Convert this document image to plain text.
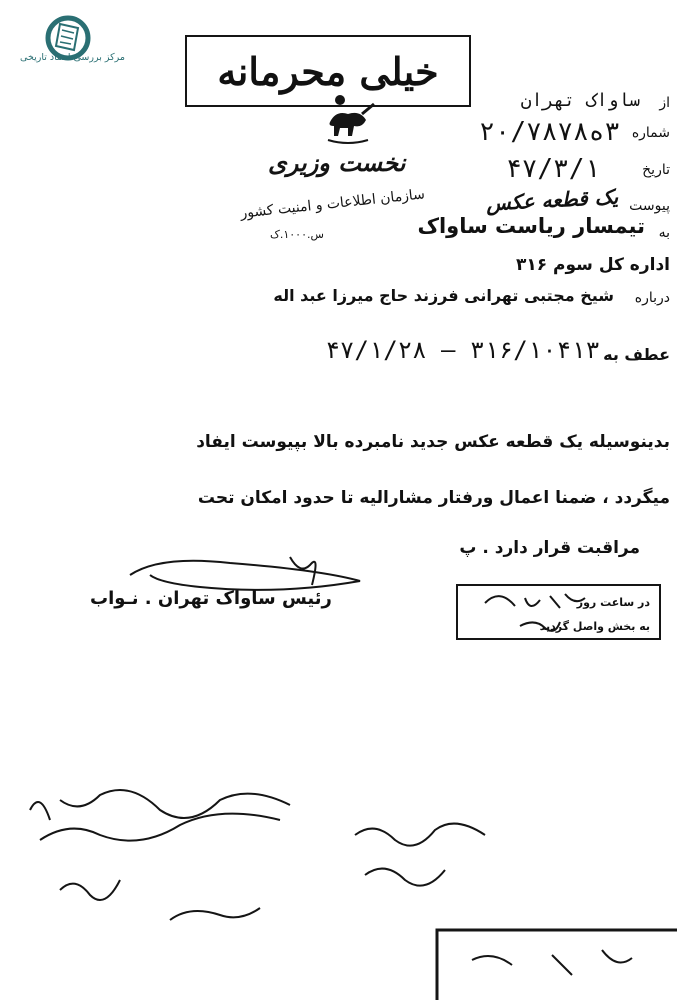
مرکز بررسی اسناد تاریخی	خیلی محرمانه
نخست وزیری
سازمان اطلاعات و امنیت کشور
س.۱۰۰۰.ک
از
ساواک تهران
شماره
۳ه۲۰/۷۸۷۸
تاریخ
۴۷/۳/۱
پیوست
یک قطعه عکس
به
تیمسار ریاست ساواک
اداره کل سوم ۳۱۶
درباره
شیخ مجتبی تهرانی فرزند حاج میرزا عبد اله
عطف به
۴۷/۱/۲۸ — ۳۱۶/۱۰۴۱۳
بدینوسیله یک قطعه عکس جدید نامبرده بالا بپیوست ایفاد
میگردد ، ضمنا اعمال ورفتار مشارالیه تا حدود امکان تحت
مراقبت قرار دارد . پ
رئیس ساواک تهران . نـواب	در ساعت روز
به بخش واصل گردید
